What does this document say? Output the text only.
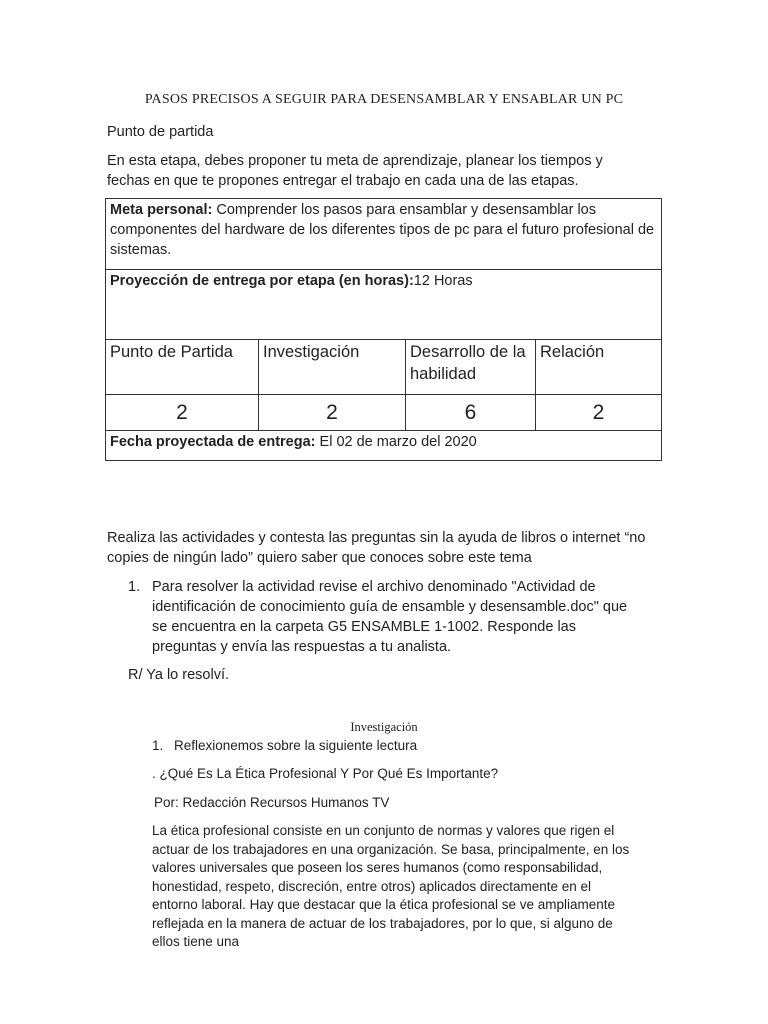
PASOS PRECISOS A SEGUIR PARA DESENSAMBLAR Y ENSABLAR UN PC
Punto de partida
En esta etapa, debes proponer tu meta de aprendizaje, planear los tiempos y fechas en que te propones entregar el trabajo en cada una de las etapas.
Meta personal: Comprender los pasos para ensamblar y desensamblar los componentes del hardware de los diferentes tipos de pc para el futuro profesional de sistemas.			
Proyección de entrega por etapa (en horas):12 Horas			
Punto de Partida	Investigación	Desarrollo de la habilidad	Relación
2	2	6	2
Fecha proyectada de entrega: El 02 de marzo del 2020			
Realiza las actividades y contesta las preguntas sin la ayuda de libros o internet “no copies de ningún lado” quiero saber que conoces sobre este tema
1. Para resolver la actividad revise el archivo denominado "Actividad de identificación de conocimiento guía de ensamble y desensamble.doc" que se encuentra en la carpeta G5 ENSAMBLE 1-1002. Responde las preguntas y envía las respuestas a tu analista.
R/ Ya lo resolví.
Investigación
1. Reflexionemos sobre la siguiente lectura
. ¿Qué Es La Ética Profesional Y Por Qué Es Importante?
Por: Redacción Recursos Humanos TV
La ética profesional consiste en un conjunto de normas y valores que rigen el actuar de los trabajadores en una organización. Se basa, principalmente, en los valores universales que poseen los seres humanos (como responsabilidad, honestidad, respeto, discreción, entre otros) aplicados directamente en el entorno laboral. Hay que destacar que la ética profesional se ve ampliamente reflejada en la manera de actuar de los trabajadores, por lo que, si alguno de ellos tiene una
